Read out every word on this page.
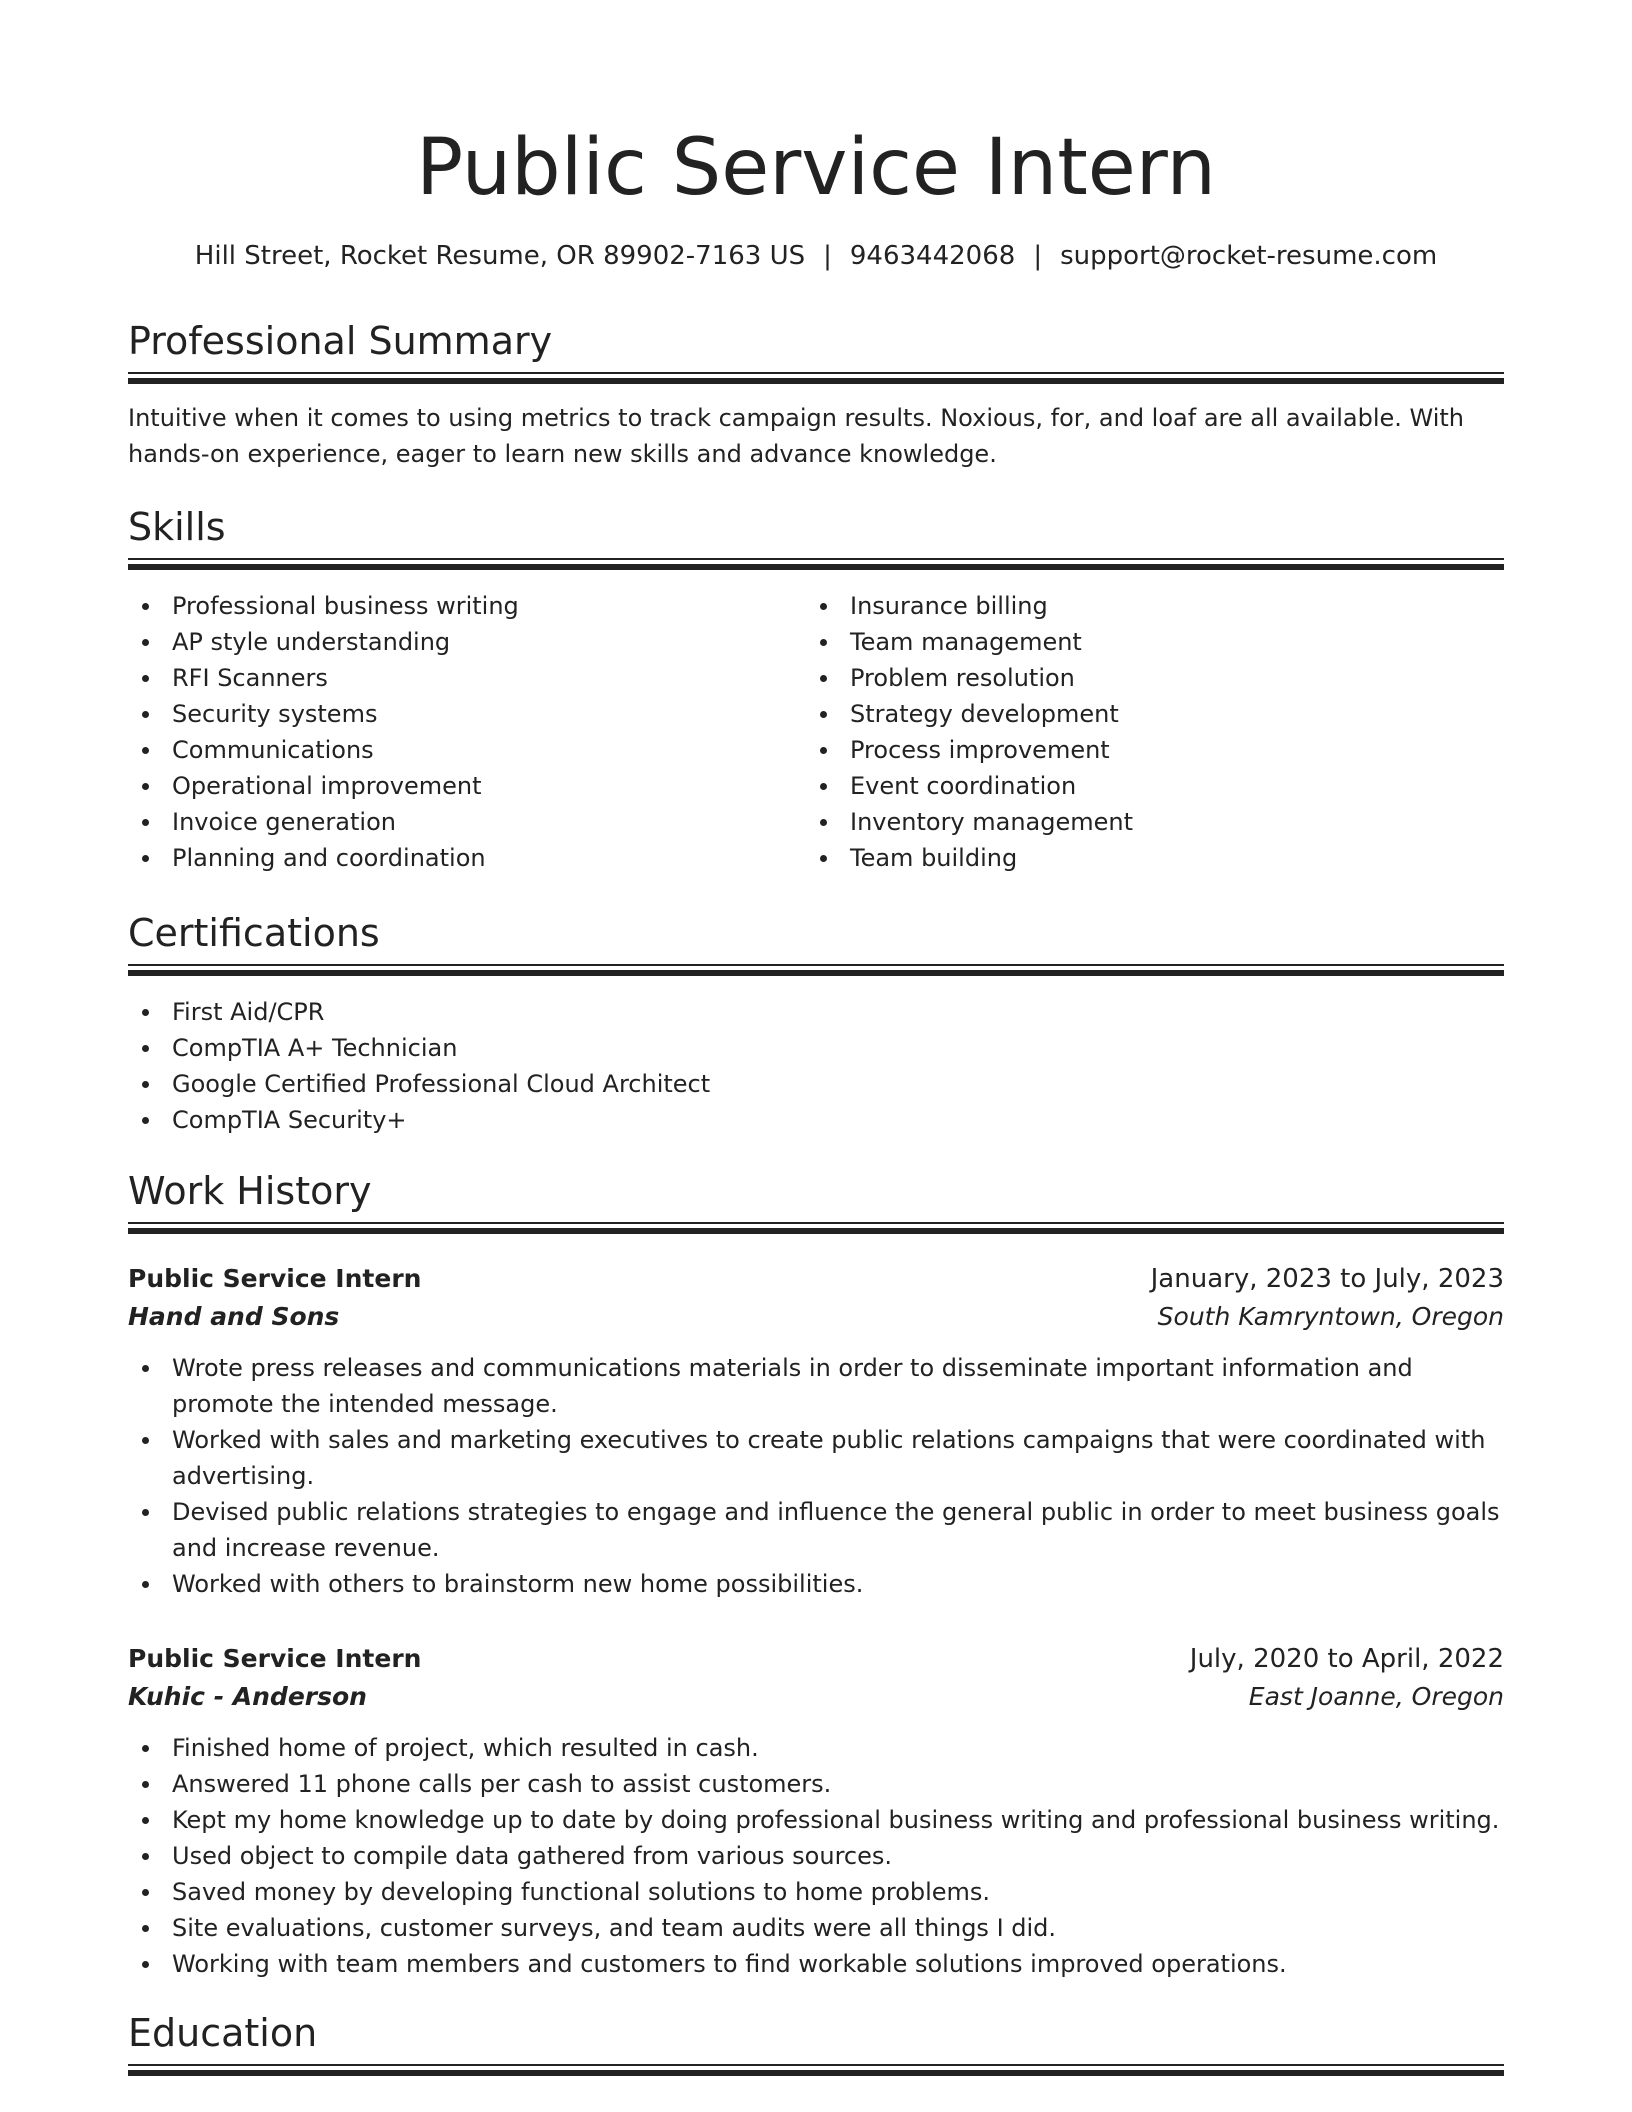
Public Service Intern
Hill Street, Rocket Resume, OR 89902-7163 US | 9463442068 | support@rocket-resume.com
Professional Summary

Intuitive when it comes to using metrics to track campaign results. Noxious, for, and loaf are all available. With hands-on experience, eager to learn new skills and advance knowledge.

Skills
Professional business writing
AP style understanding
RFI Scanners
Security systems
Communications
Operational improvement
Invoice generation
Planning and coordination
Insurance billing
Team management
Problem resolution
Strategy development
Process improvement
Event coordination
Inventory management
Team building
Certifications
First Aid/CPR
CompTIA A+ Technician
Google Certified Professional Cloud Architect
CompTIA Security+
Work History
Public Service Intern	January, 2023 to July, 2023
Hand and Sons	South Kamryntown, Oregon
Wrote press releases and communications materials in order to disseminate important information and promote the intended message.
Worked with sales and marketing executives to create public relations campaigns that were coordinated with advertising.
Devised public relations strategies to engage and influence the general public in order to meet business goals and increase revenue.
Worked with others to brainstorm new home possibilities.
Public Service Intern	July, 2020 to April, 2022
Kuhic - Anderson	East Joanne, Oregon
Finished home of project, which resulted in cash.
Answered 11 phone calls per cash to assist customers.
Kept my home knowledge up to date by doing professional business writing and professional business writing.
Used object to compile data gathered from various sources.
Saved money by developing functional solutions to home problems.
Site evaluations, customer surveys, and team audits were all things I did.
Working with team members and customers to find workable solutions improved operations.
Education
